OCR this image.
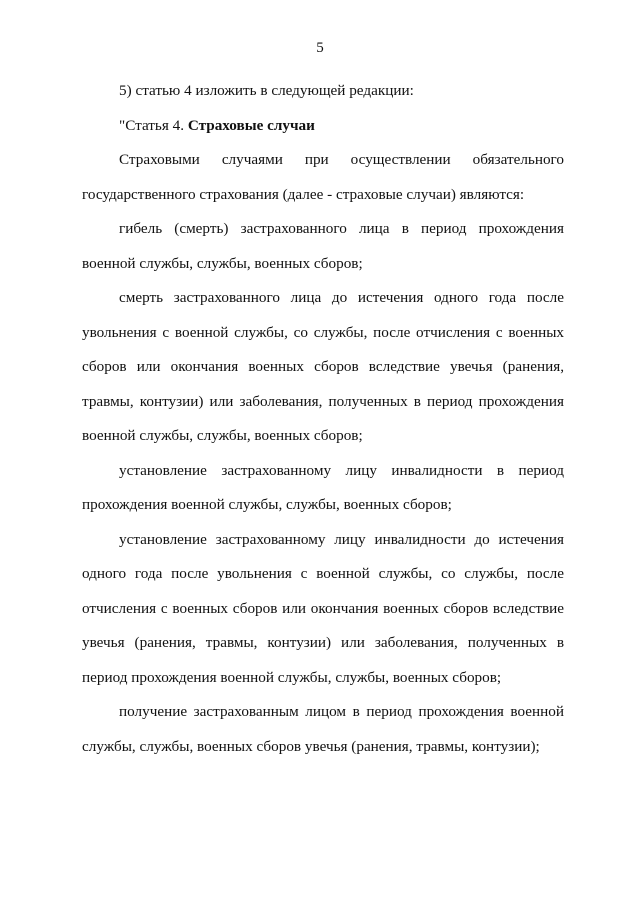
5

5) статью 4 изложить в следующей редакции:

"Статья 4. Страховые случаи

Страховыми случаями при осуществлении обязательного государственного страхования (далее - страховые случаи) являются:

гибель (смерть) застрахованного лица в период прохождения военной службы, службы, военных сборов;

смерть застрахованного лица до истечения одного года после увольнения с военной службы, со службы, после отчисления с военных сборов или окончания военных сборов вследствие увечья (ранения, травмы, контузии) или заболевания, полученных в период прохождения военной службы, службы, военных сборов;

установление застрахованному лицу инвалидности в период прохождения военной службы, службы, военных сборов;

установление застрахованному лицу инвалидности до истечения одного года после увольнения с военной службы, со службы, после отчисления с военных сборов или окончания военных сборов вследствие увечья (ранения, травмы, контузии) или заболевания, полученных в период прохождения военной службы, службы, военных сборов;

получение застрахованным лицом в период прохождения военной службы, службы, военных сборов увечья (ранения, травмы, контузии);
